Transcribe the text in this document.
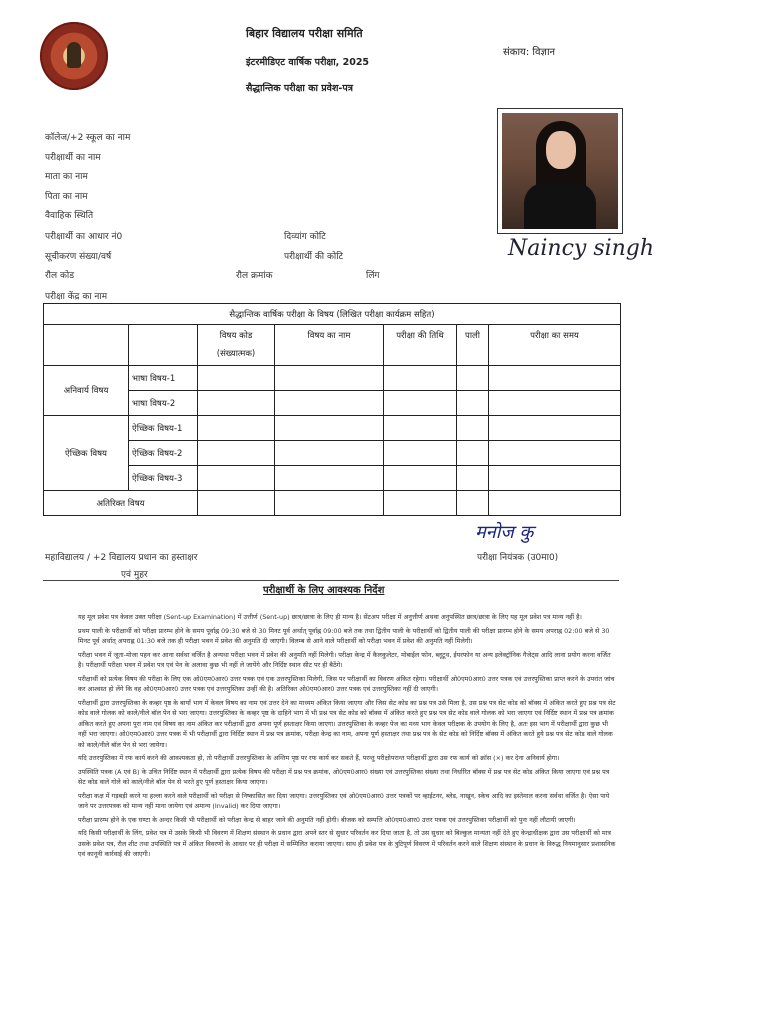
बिहार विद्यालय परीक्षा समिति
इंटरमीडिएट वार्षिक परीक्षा, 2025
सैद्धान्तिक परीक्षा का प्रवेश-पत्र
संकाय: विज्ञान
कॉलेज/+2 स्कूल का नाम
परीक्षार्थी का नाम
माता का नाम
पिता का नाम
वैवाहिक स्थिति
परीक्षार्थी का आधार नं0	दिव्यांग कोटि
सूचीकरण संख्या/वर्ष	परीक्षार्थी की कोटि
रौल कोड	रौल क्रमांक	लिंग
परीक्षा केंद्र का नाम
Naincy singh
सैद्धान्तिक वार्षिक परीक्षा के विषय (लिखित परीक्षा कार्यक्रम सहित)						
		विषय कोड (संख्यात्मक)	विषय का नाम	परीक्षा की तिथि	पाली	परीक्षा का समय
अनिवार्य विषय	भाषा विषय-1					
	भाषा विषय-2					
ऐच्छिक विषय	ऐच्छिक विषय-1					
	ऐच्छिक विषय-2					
	ऐच्छिक विषय-3					
अतिरिक्त विषय						
मनोज कु
महाविद्यालय / +2 विद्यालय प्रधान का हस्ताक्षर
एवं मुहर
परीक्षा नियंत्रक (उ0मा0)
परीक्षार्थी के लिए आवश्यक निर्देश

यह मूल प्रवेश पत्र केवल उक्त परीक्षा (Sent-up Examination) में उत्तीर्ण (Sent-up) छात्र/छात्रा के लिए ही मान्य है। सेंटअप परीक्षा में अनुत्तीर्ण अथवा अनुपस्थित छात्र/छात्रा के लिए यह मूल प्रवेश पत्र मान्य नहीं है।

प्रथम पाली के परीक्षार्थी को परीक्षा प्रारम्भ होने के समय पूर्वाह्न 09:30 बजे से 30 मिनट पूर्व अर्थात् पूर्वाह्न 09:00 बजे तक तथा द्वितीय पाली के परीक्षार्थी को द्वितीय पाली की परीक्षा प्रारम्भ होने के समय अपराह्न 02:00 बजे से 30 मिनट पूर्व अर्थात् अपराह्न 01:30 बजे तक ही परीक्षा भवन में प्रवेश की अनुमति दी जाएगी। विलम्ब से आने वाले परीक्षार्थी को परीक्षा भवन में प्रवेश की अनुमति नहीं मिलेगी।

परीक्षा भवन में जूता-मोजा पहन कर आना सर्वथा वर्जित है अन्यथा परीक्षा भवन में प्रवेश की अनुमति नहीं मिलेगी। परीक्षा केन्द्र में कैलकुलेटर, मोबाईल फोन, ब्लूटूथ, ईयरफोन या अन्य इलेक्ट्रॉनिक गैजेट्स आदि लाना प्रयोग करना वर्जित है। परीक्षार्थी परीक्षा भवन में प्रवेश पत्र एवं पेन के अलावा कुछ भी नहीं ले जायेंगे और निर्दिष्ट स्थान सीट पर ही बैठेंगे।

परीक्षार्थी को प्रत्येक विषय की परीक्षा के लिए एक ओ0एम0आर0 उत्तर पत्रक एवं एक उत्तरपुस्तिका मिलेगी, जिस पर परीक्षार्थी का विवरण अंकित रहेगा। परीक्षार्थी ओ0एम0आर0 उत्तर पत्रक एवं उत्तरपुस्तिका प्राप्त करने के उपरांत जांच कर आश्वस्त हो लेंगे कि वह ओ0एम0आर0 उत्तर पत्रक एवं उत्तरपुस्तिका उन्हीं की है। अतिरिक्त ओ0एम0आर0 उत्तर पत्रक एवं उत्तरपुस्तिका नहीं दी जाएगी।

परीक्षार्थी द्वारा उत्तरपुस्तिका के कव्हर पृष्ठ के बायाँ भाग में केवल विषय का नाम एवं उत्तर देने का माध्यम अंकित किया जाएगा और जिस सेट कोड का प्रश्न पत्र उसे मिला है, उस प्रश्न पत्र सेट कोड को बॉक्स में अंकित करते हुए प्रश्न पत्र सेट कोड वाले गोलक को काले/नीले बॉल पेन से भरा जाएगा। उत्तरपुस्तिका के कव्हर पृष्ठ के दाहिने भाग में भी प्रश्न पत्र सेट कोड को बॉक्स में अंकित करते हुए प्रश्न पत्र सेट कोड वाले गोलक को भरा जाएगा एवं निर्दिष्ट स्थान में प्रश्न पत्र क्रमांक अंकित करते हुए अपना पूरा नाम एवं विषय का नाम अंकित कर परीक्षार्थी द्वारा अपना पूर्ण हस्ताक्षर किया जाएगा। उत्तरपुस्तिका के कव्हर पेज का मध्य भाग केवल परीक्षक के उपयोग के लिए है, अतः इस भाग में परीक्षार्थी द्वारा कुछ भी नहीं भरा जाएगा। ओ0एम0आर0 उत्तर पत्रक में भी परीक्षार्थी द्वारा निर्दिष्ट स्थान में प्रश्न पत्र क्रमांक, परीक्षा केन्द्र का नाम, अपना पूर्ण हस्ताक्षर तथा प्रश्न पत्र के सेट कोड को निर्दिष्ट बॉक्स में अंकित करते हुये प्रश्न पत्र सेट कोड वाले गोलक को काले/नीले बॉल पेन से भरा जायेगा।

यदि उत्तरपुस्तिका में रफ कार्य करने की आवश्यकता हो, तो परीक्षार्थी उत्तरपुस्तिका के अन्तिम पृष्ठ पर रफ कार्य कर सकते हैं, परन्तु परीक्षोपरान्त परीक्षार्थी द्वारा उस रफ कार्य को क्रॉस (×) कर देना अनिवार्य होगा।

उपस्थिति पत्रक (A एवं B) के उचित निर्दिष्ट स्थान में परीक्षार्थी द्वारा प्रत्येक विषय की परीक्षा में प्रश्न पत्र क्रमांक, ओ0एम0आर0 संख्या एवं उत्तरपुस्तिका संख्या तथा निर्धारित बॉक्स में प्रश्न पत्र सेट कोड अंकित किया जाएगा एवं प्रश्न पत्र सेट कोड वाले गोले को काले/नीले बॉल पेन से भरते हुए पूर्ण हस्ताक्षर किया जाएगा।

परीक्षा कक्ष में गड़बड़ी करने या हल्ला करने वाले परीक्षार्थी को परीक्षा से निष्कासित कर दिया जाएगा। उत्तरपुस्तिका एवं ओ0एम0आर0 उत्तर पत्रकों पर व्हाईटनर, ब्लेड, नाखून, स्केच आदि का इस्तेमाल करना सर्वथा वर्जित है। ऐसा पाये जाने पर उत्तरपत्रक को मान्य नहीं माना जायेगा एवं अमान्य (Invalid) कर दिया जाएगा।

परीक्षा प्रारम्भ होने के एक घण्टा के अन्दर किसी भी परीक्षार्थी को परीक्षा केन्द्र से बाहर जाने की अनुमति नहीं होगी। बीजक को सम्पत्ति ओ0एम0आर0 उत्तर पत्रक एवं उत्तरपुस्तिका परीक्षार्थी को पुनः नहीं लौटायी जाएगी।

यदि किसी परीक्षार्थी के लिंग, प्रवेश पत्र में उसके किसी भी विवरण में शिक्षण संस्थान के प्रधान द्वारा अपने स्तर से सुधार परिवर्तन कर दिया जाता है, तो उस सुधार को बिल्कुल मान्यता नहीं देते हुए केन्द्राधीक्षक द्वारा उस परीक्षार्थी को मात्र उसके प्रवेश पत्र, रौल शीट तथा उपस्थिति पत्र में अंकित विवरणों के आधार पर ही परीक्षा में सम्मिलित कराया जाएगा। साथ ही प्रवेश पत्र के त्रुटिपूर्ण विवरण में परिवर्तन करने वाले शिक्षण संस्थान के प्रधान के विरुद्ध नियमानुसार प्रशासनिक एवं कानूनी कार्रवाई की जाएगी।
